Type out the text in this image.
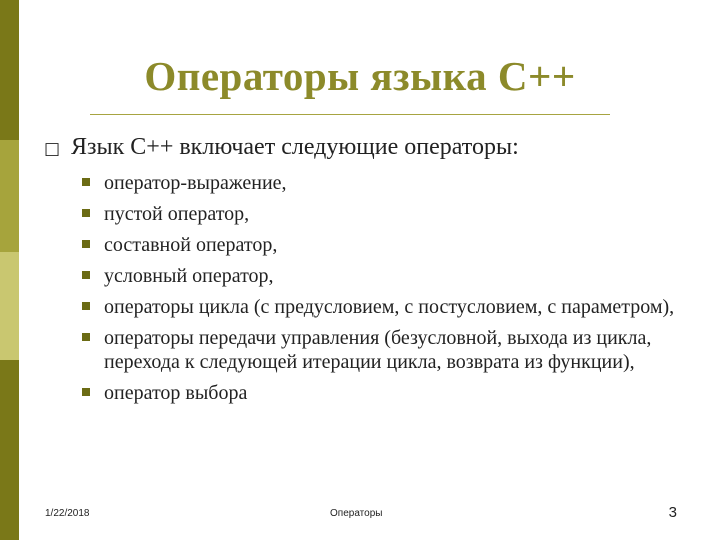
Операторы языка С++
□ Язык С++ включает следующие операторы:
оператор-выражение,
пустой оператор,
составной оператор,
условный оператор,
операторы цикла (с предусловием, с постусловием, с параметром),
операторы передачи управления (безусловной, выхода из цикла, перехода к следующей итерации цикла, возврата из функции),
оператор выбора
1/22/2018	Операторы	3
